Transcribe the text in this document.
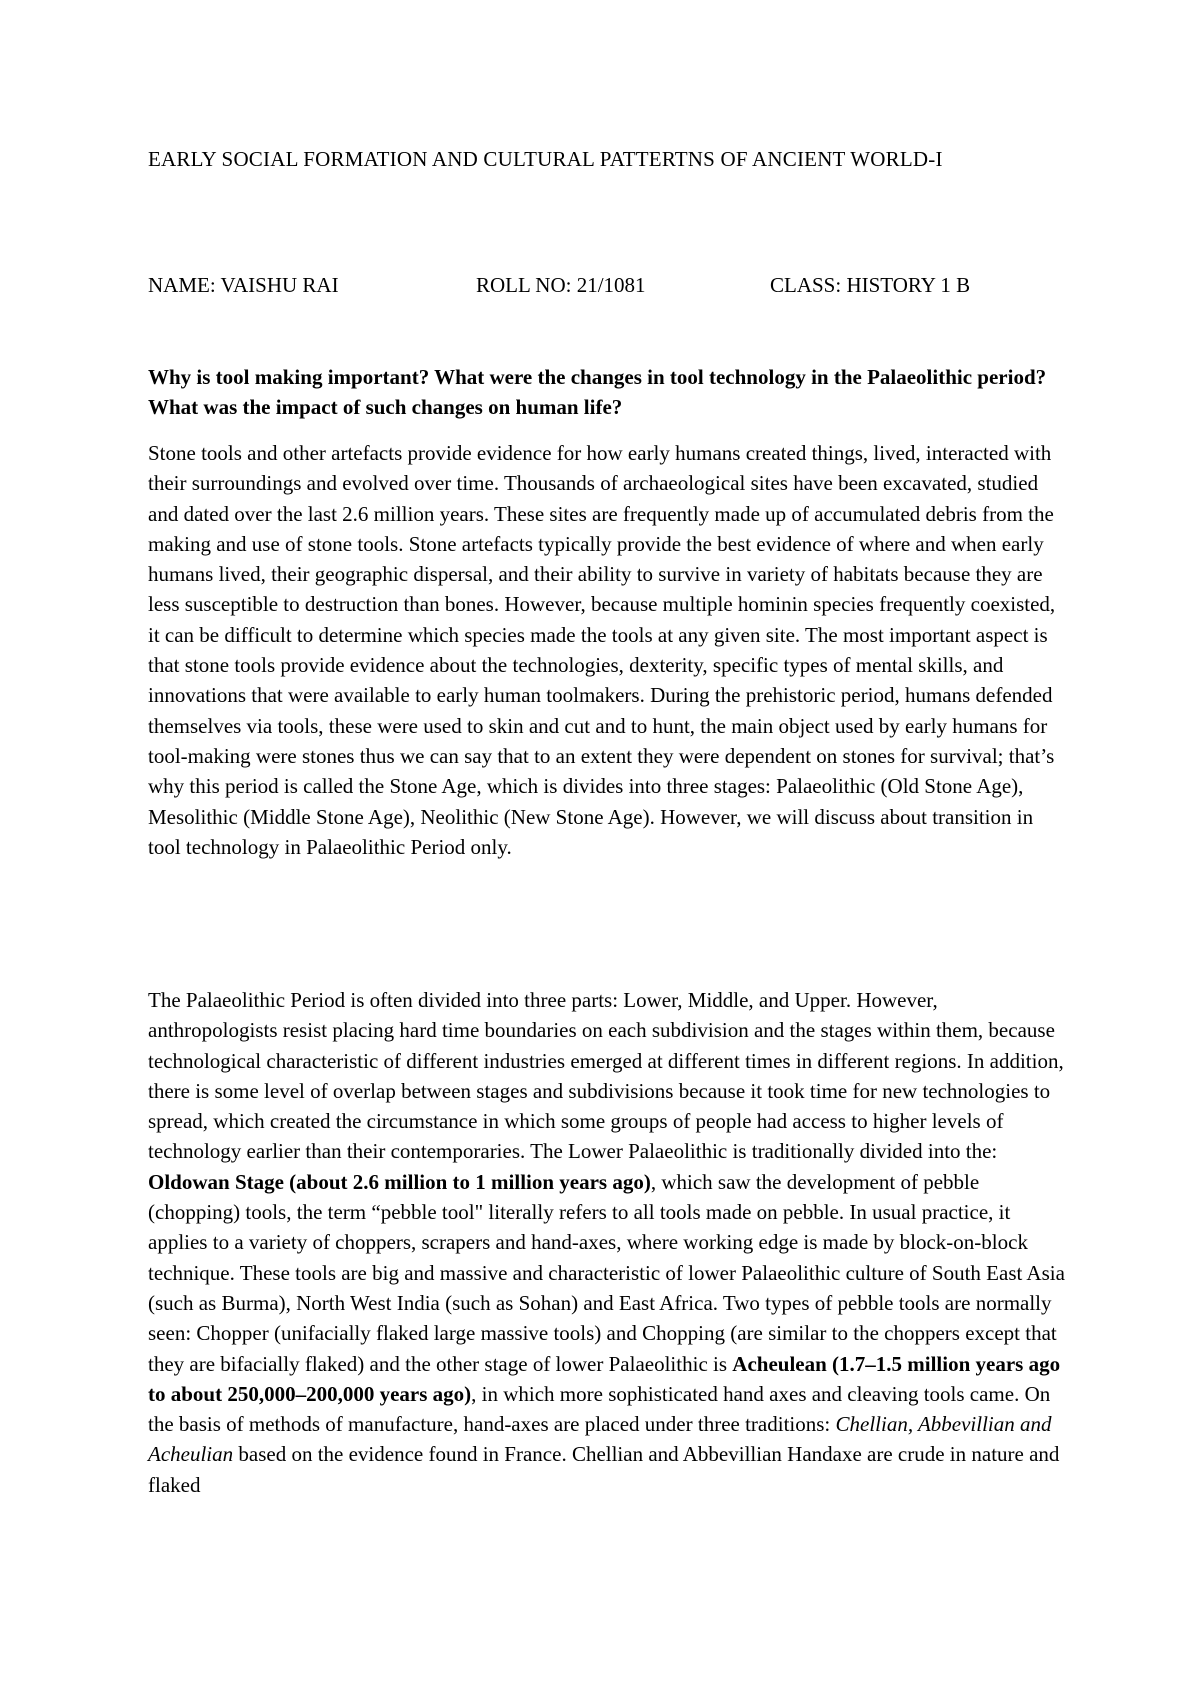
EARLY SOCIAL FORMATION AND CULTURAL PATTERTNS OF ANCIENT WORLD-I

NAME: VAISHU RAI	ROLL NO: 21/1081	CLASS: HISTORY 1 B

Why is tool making important? What were the changes in tool technology in the Palaeolithic period? What was the impact of such changes on human life?

Stone tools and other artefacts provide evidence for how early humans created things, lived, interacted with their surroundings and evolved over time. Thousands of archaeological sites have been excavated, studied and dated over the last 2.6 million years. These sites are frequently made up of accumulated debris from the making and use of stone tools. Stone artefacts typically provide the best evidence of where and when early humans lived, their geographic dispersal, and their ability to survive in variety of habitats because they are less susceptible to destruction than bones. However, because multiple hominin species frequently coexisted, it can be difficult to determine which species made the tools at any given site. The most important aspect is that stone tools provide evidence about the technologies, dexterity, specific types of mental skills, and innovations that were available to early human toolmakers. During the prehistoric period, humans defended themselves via tools, these were used to skin and cut and to hunt, the main object used by early humans for tool-making were stones thus we can say that to an extent they were dependent on stones for survival; that’s why this period is called the Stone Age, which is divides into three stages: Palaeolithic (Old Stone Age), Mesolithic (Middle Stone Age), Neolithic (New Stone Age). However, we will discuss about transition in tool technology in Palaeolithic Period only.

The Palaeolithic Period is often divided into three parts: Lower, Middle, and Upper. However, anthropologists resist placing hard time boundaries on each subdivision and the stages within them, because technological characteristic of different industries emerged at different times in different regions. In addition, there is some level of overlap between stages and subdivisions because it took time for new technologies to spread, which created the circumstance in which some groups of people had access to higher levels of technology earlier than their contemporaries. The Lower Palaeolithic is traditionally divided into the: Oldowan Stage (about 2.6 million to 1 million years ago), which saw the development of pebble (chopping) tools, the term “pebble tool" literally refers to all tools made on pebble. In usual practice, it applies to a variety of choppers, scrapers and hand-axes, where working edge is made by block-on-block technique. These tools are big and massive and characteristic of lower Palaeolithic culture of South East Asia (such as Burma), North West India (such as Sohan) and East Africa. Two types of pebble tools are normally seen: Chopper (unifacially flaked large massive tools) and Chopping (are similar to the choppers except that they are bifacially flaked) and the other stage of lower Palaeolithic is Acheulean (1.7–1.5 million years ago to about 250,000–200,000 years ago), in which more sophisticated hand axes and cleaving tools came. On the basis of methods of manufacture, hand-axes are placed under three traditions: Chellian, Abbevillian and Acheulian based on the evidence found in France. Chellian and Abbevillian Handaxe are crude in nature and flaked
